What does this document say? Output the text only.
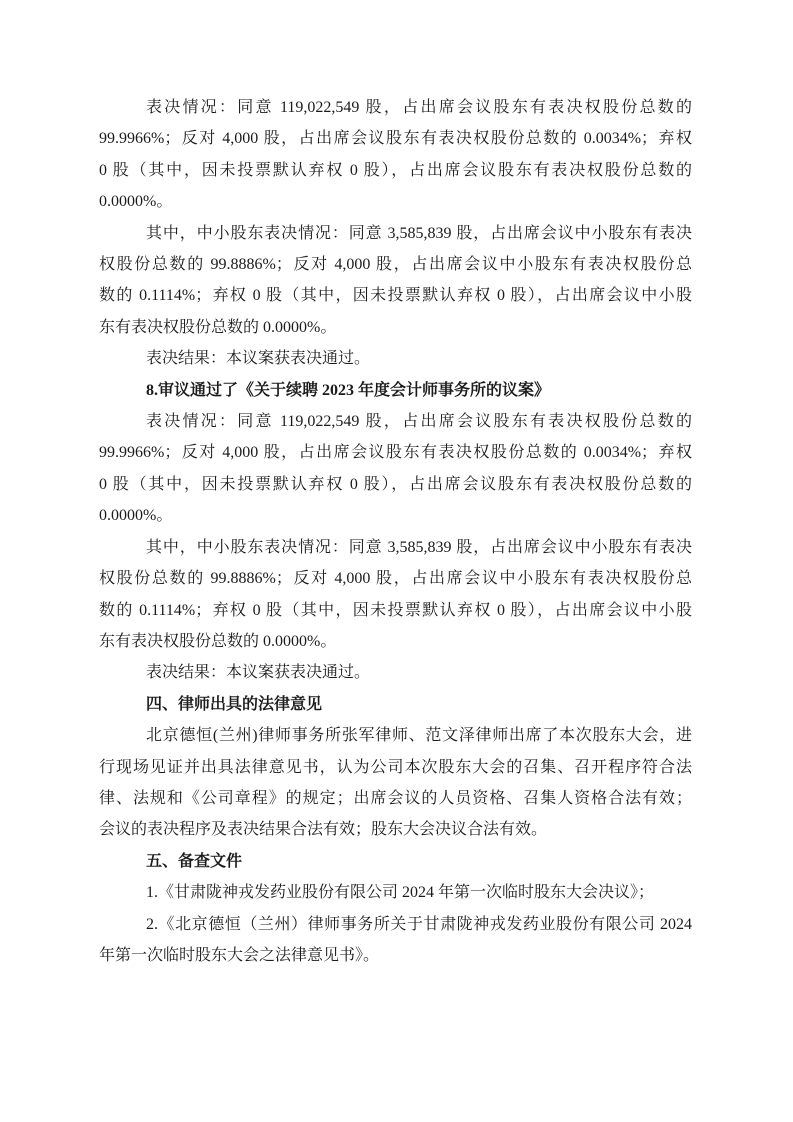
表决情况：同意 119,022,549 股，占出席会议股东有表决权股份总数的
99.9966%；反对 4,000 股，占出席会议股东有表决权股份总数的 0.0034%；弃权
0 股（其中，因未投票默认弃权 0 股），占出席会议股东有表决权股份总数的
0.0000%。
其中，中小股东表决情况：同意 3,585,839 股，占出席会议中小股东有表决
权股份总数的 99.8886%；反对 4,000 股，占出席会议中小股东有表决权股份总
数的 0.1114%；弃权 0 股（其中，因未投票默认弃权 0 股），占出席会议中小股
东有表决权股份总数的 0.0000%。
表决结果：本议案获表决通过。
8.审议通过了《关于续聘 2023 年度会计师事务所的议案》
表决情况：同意 119,022,549 股，占出席会议股东有表决权股份总数的
99.9966%；反对 4,000 股，占出席会议股东有表决权股份总数的 0.0034%；弃权
0 股（其中，因未投票默认弃权 0 股），占出席会议股东有表决权股份总数的
0.0000%。
其中，中小股东表决情况：同意 3,585,839 股，占出席会议中小股东有表决
权股份总数的 99.8886%；反对 4,000 股，占出席会议中小股东有表决权股份总
数的 0.1114%；弃权 0 股（其中，因未投票默认弃权 0 股），占出席会议中小股
东有表决权股份总数的 0.0000%。
表决结果：本议案获表决通过。
四、律师出具的法律意见
北京德恒(兰州)律师事务所张军律师、范文泽律师出席了本次股东大会，进
行现场见证并出具法律意见书，认为公司本次股东大会的召集、召开程序符合法
律、法规和《公司章程》的规定；出席会议的人员资格、召集人资格合法有效；
会议的表决程序及表决结果合法有效；股东大会决议合法有效。
五、备查文件
1.《甘肃陇神戎发药业股份有限公司 2024 年第一次临时股东大会决议》；
2.《北京德恒（兰州）律师事务所关于甘肃陇神戎发药业股份有限公司 2024
年第一次临时股东大会之法律意见书》。
